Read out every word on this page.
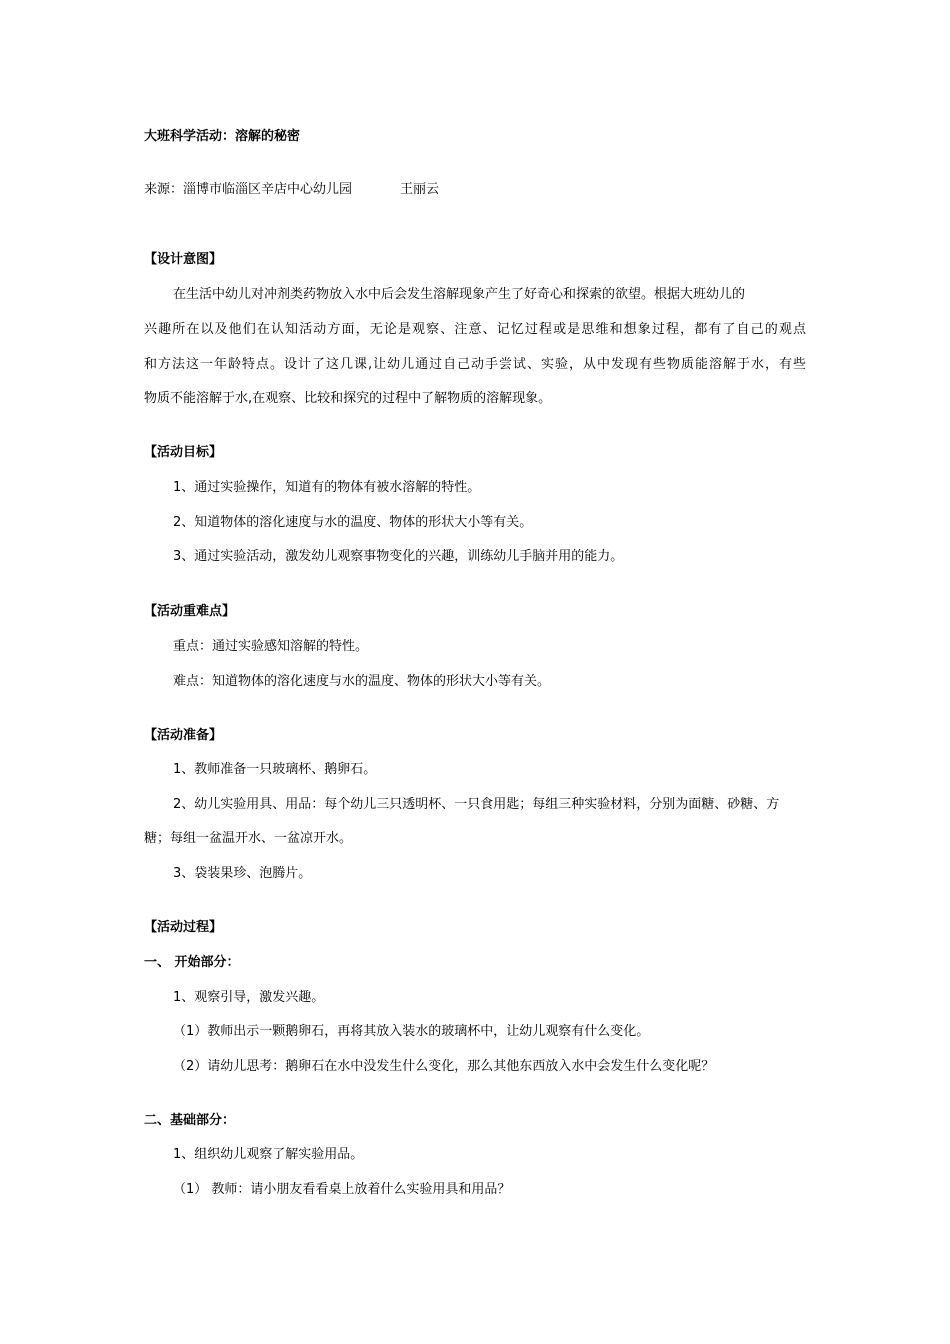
大班科学活动：溶解的秘密
来源：淄博市临淄区辛店中心幼儿园	王丽云
【设计意图】
在生活中幼儿对冲剂类药物放入水中后会发生溶解现象产生了好奇心和探索的欲望。根据大班幼儿的
兴趣所在以及他们在认知活动方面，无论是观察、注意、记忆过程或是思维和想象过程，都有了自己的观点
和方法这一年龄特点。设计了这几课,让幼儿通过自己动手尝试、实验，从中发现有些物质能溶解于水，有些
物质不能溶解于水,在观察、比较和探究的过程中了解物质的溶解现象。
【活动目标】
1、通过实验操作，知道有的物体有被水溶解的特性。
2、知道物体的溶化速度与水的温度、物体的形状大小等有关。
3、通过实验活动，激发幼儿观察事物变化的兴趣，训练幼儿手脑并用的能力。
【活动重难点】
重点：通过实验感知溶解的特性。
难点：知道物体的溶化速度与水的温度、物体的形状大小等有关。
【活动准备】
1、教师准备一只玻璃杯、鹅卵石。
2、幼儿实验用具、用品：每个幼儿三只透明杯、一只食用匙；每组三种实验材料，分别为面糖、砂糖、方
糖；每组一盆温开水、一盆凉开水。
3、袋装果珍、泡腾片。
【活动过程】
一、 开始部分：
1、观察引导，激发兴趣。
（1）教师出示一颗鹅卵石，再将其放入装水的玻璃杯中，让幼儿观察有什么变化。
（2）请幼儿思考：鹅卵石在水中没发生什么变化，那么其他东西放入水中会发生什么变化呢？
二、基础部分：
1、组织幼儿观察了解实验用品。
（1） 教师：请小朋友看看桌上放着什么实验用具和用品？
